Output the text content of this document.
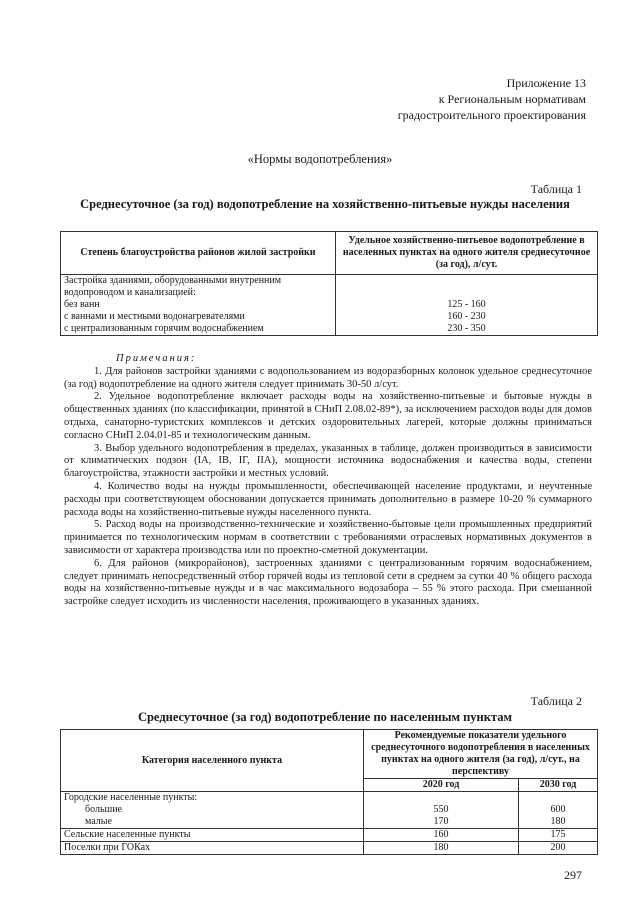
Приложение 13
к Региональным нормативам
градостроительного проектирования
«Нормы водопотребления»
Таблица 1
Среднесуточное (за год) водопотребление на хозяйственно-питьевые нужды населения
Степень благоустройства районов жилой застройки	Удельное хозяйственно-питьевое водопотребление в населенных пунктах на одного жителя среднесуточное (за год), л/сут.
Застройка зданиями, оборудованными внутренним водопроводом и канализацией:	
без ванн	125 - 160
с ваннами и местными водонагревателями	160 - 230
с централизованным горячим водоснабжением	230 - 350
Примечания:

1. Для районов застройки зданиями с водопользованием из водоразборных колонок удельное среднесуточное (за год) водопотребление на одного жителя следует принимать 30-50 л/сут.

2. Удельное водопотребление включает расходы воды на хозяйственно-питьевые и бытовые нужды в общественных зданиях (по классификации, принятой в СНиП 2.08.02-89*), за исключением расходов воды для домов отдыха, санаторно-туристских комплексов и детских оздоровительных лагерей, которые должны приниматься согласно СНиП 2.04.01-85 и технологическим данным.

3. Выбор удельного водопотребления в пределах, указанных в таблице, должен производиться в зависимости от климатических подзон (IA, IB, IГ, IIA), мощности источника водоснабжения и качества воды, степени благоустройства, этажности застройки и местных условий.

4. Количество воды на нужды промышленности, обеспечивающей население продуктами, и неучтенные расходы при соответствующем обосновании допускается принимать дополнительно в размере 10-20 % суммарного расхода воды на хозяйственно-питьевые нужды населенного пункта.

5. Расход воды на производственно-технические и хозяйственно-бытовые цели промышленных предприятий принимается по технологическим нормам в соответствии с требованиями отраслевых нормативных документов в зависимости от характера производства или по проектно-сметной документации.

6. Для районов (микрорайонов), застроенных зданиями с централизованным горячим водоснабжением, следует принимать непосредственный отбор горячей воды из тепловой сети в среднем за сутки 40 % общего расхода воды на хозяйственно-питьевые нужды и в час максимального водозабора – 55 % этого расхода. При смешанной застройке следует исходить из численности населения, проживающего в указанных зданиях.

Таблица 2
Среднесуточное (за год) водопотребление по населенным пунктам
Категория населенного пункта	Рекомендуемые показатели удельного среднесуточного водопотребления в населенных пунктах на одного жителя (за год), л/сут., на перспективу	
	2020 год	2030 год
Городские населенные пункты:		
большие	550	600
малые	170	180
Сельские населенные пункты	160	175
Поселки при ГОКах	180	200
297
